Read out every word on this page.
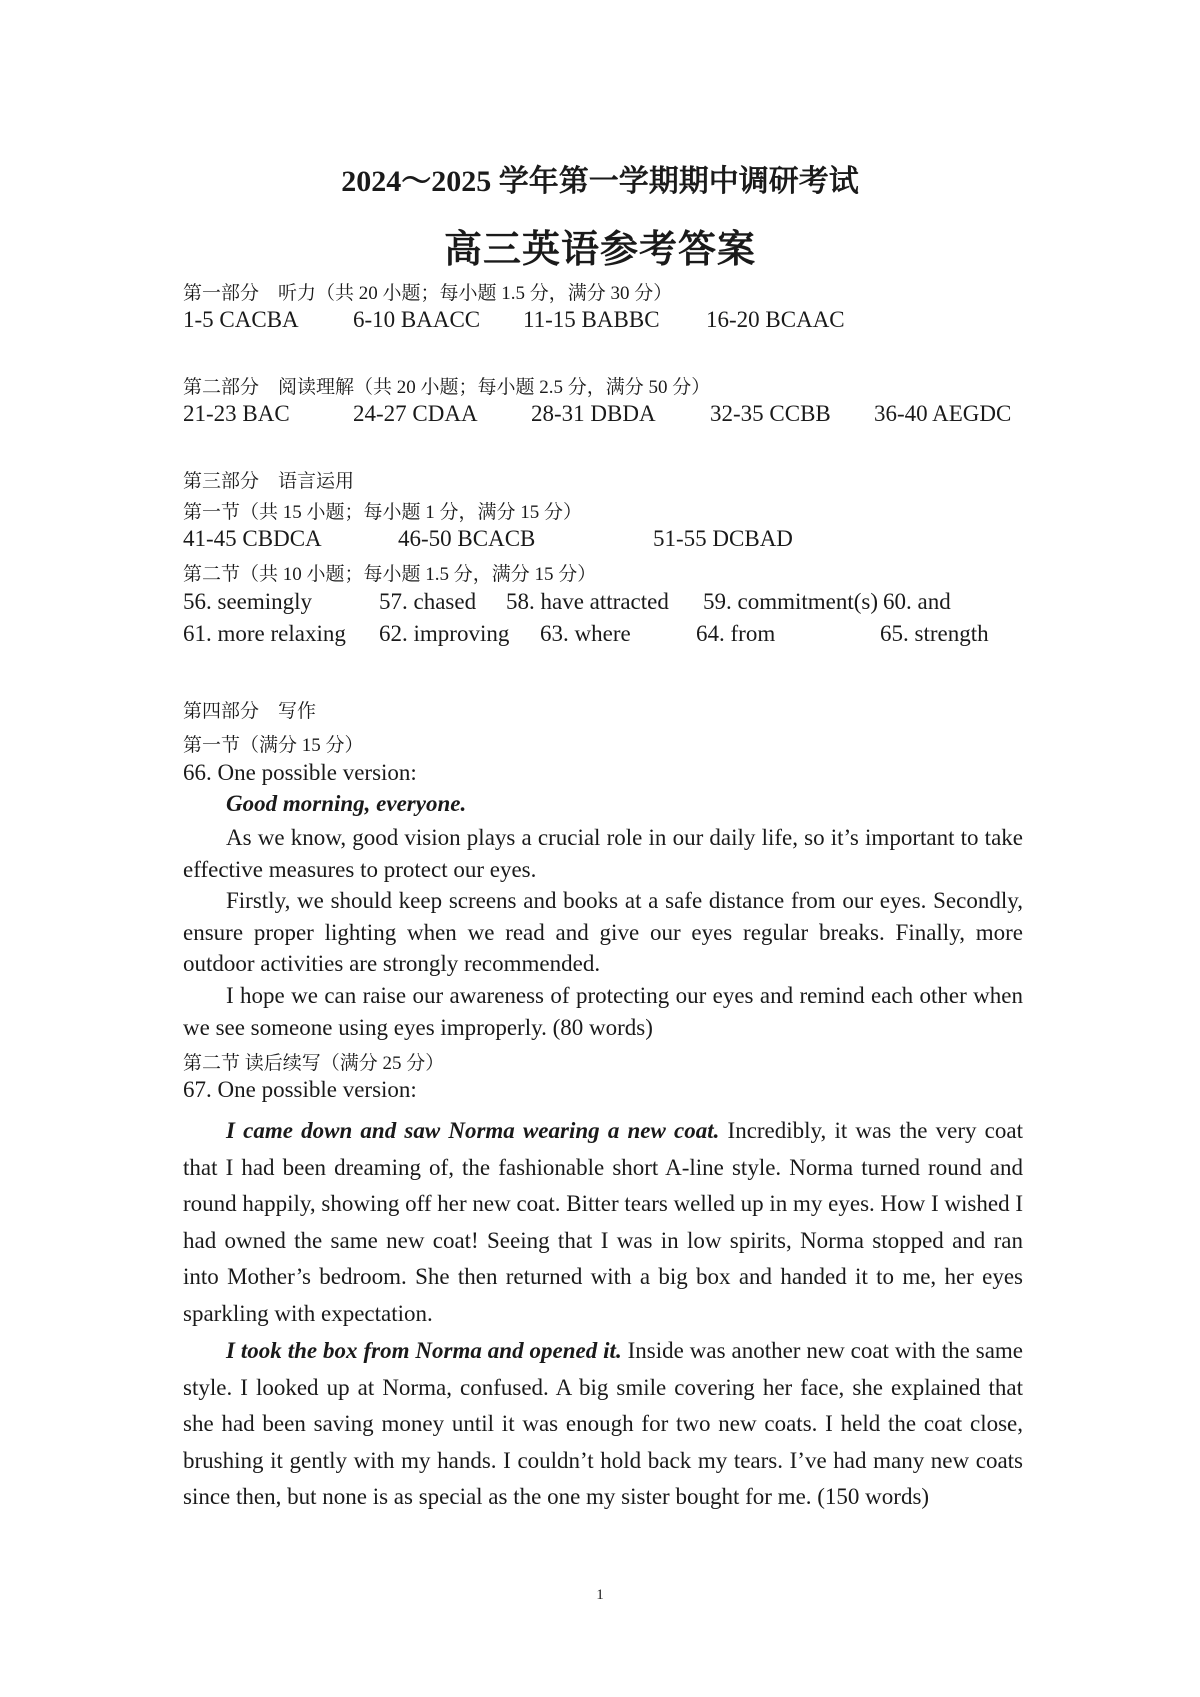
2024～2025 学年第一学期期中调研考试
高三英语参考答案
第一部分　听力（共 20 小题；每小题 1.5 分，满分 30 分）
1-5 CACBA 6-10 BAACC 11-15 BABBC 16-20 BCAAC
第二部分　阅读理解（共 20 小题；每小题 2.5 分，满分 50 分）
21-23 BAC	24-27 CDAA 28-31 DBDA 32-35 CCBB 36-40 AEGDC
第三部分　语言运用
第一节（共 15 小题；每小题 1 分，满分 15 分）
41-45 CBDCA	46-50 BCACB	51-55 DCBAD
第二节（共 10 小题；每小题 1.5 分，满分 15 分）
56. seemingly	57. chased 58. have attracted 59. commitment(s) 60. and
61. more relaxing 62. improving 63. where	64. from	65. strength
第四部分　写作
第一节（满分 15 分）
66. One possible version:
Good morning, everyone.

As we know, good vision plays a crucial role in our daily life, so it’s important to take effective measures to protect our eyes.

Firstly, we should keep screens and books at a safe distance from our eyes. Secondly, ensure proper lighting when we read and give our eyes regular breaks. Finally, more outdoor activities are strongly recommended.

I hope we can raise our awareness of protecting our eyes and remind each other when we see someone using eyes improperly. (80 words)

第二节 读后续写（满分 25 分）
67. One possible version:

I came down and saw Norma wearing a new coat. Incredibly, it was the very coat that I had been dreaming of, the fashionable short A-line style. Norma turned round and round happily, showing off her new coat. Bitter tears welled up in my eyes. How I wished I had owned the same new coat! Seeing that I was in low spirits, Norma stopped and ran into Mother’s bedroom. She then returned with a big box and handed it to me, her eyes sparkling with expectation.

I took the box from Norma and opened it. Inside was another new coat with the same style. I looked up at Norma, confused. A big smile covering her face, she explained that she had been saving money until it was enough for two new coats. I held the coat close, brushing it gently with my hands. I couldn’t hold back my tears. I’ve had many new coats since then, but none is as special as the one my sister bought for me. (150 words)

1
